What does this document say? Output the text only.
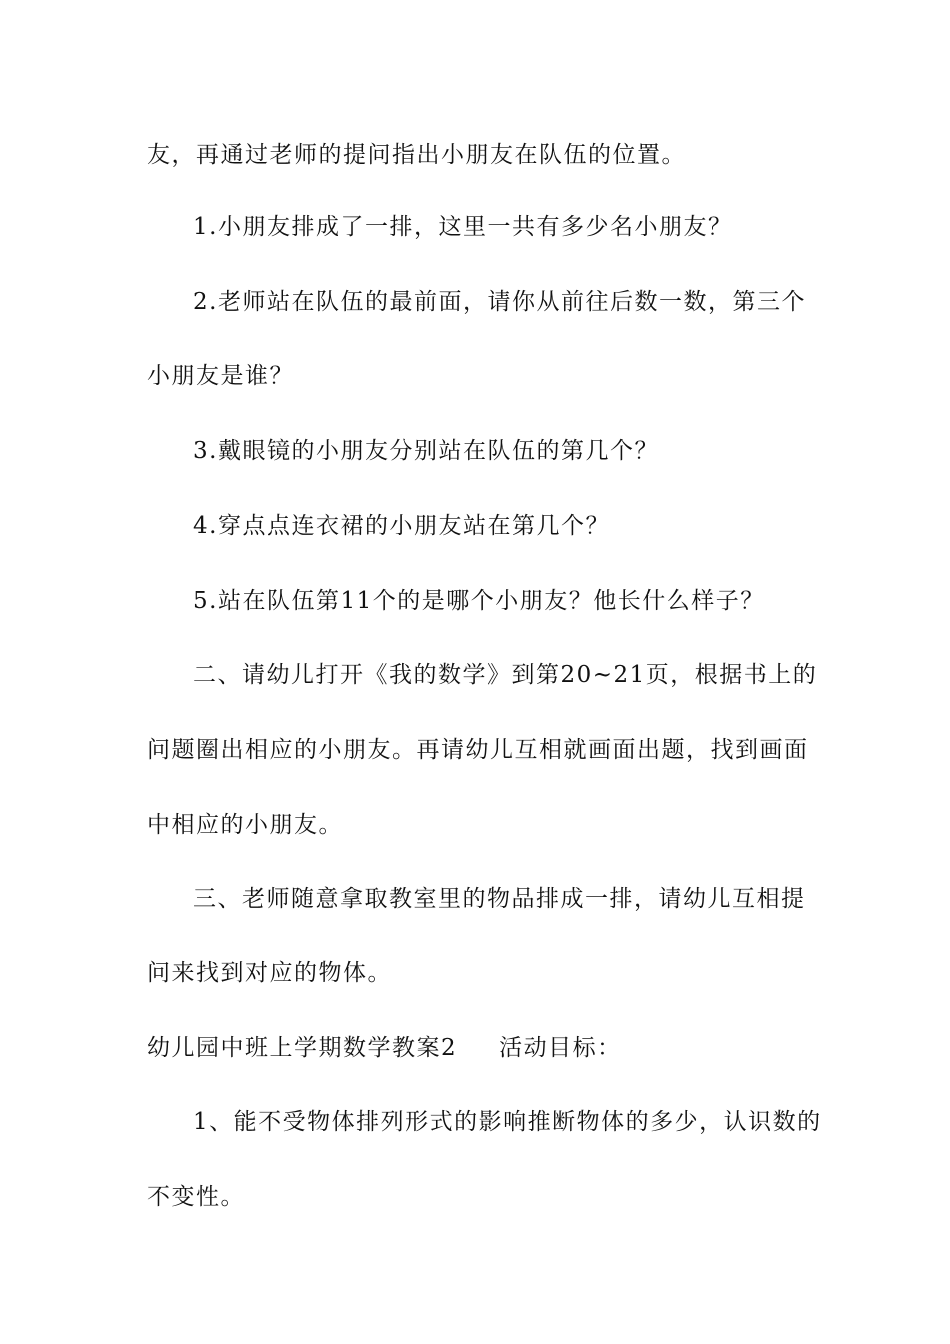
友，再通过老师的提问指出小朋友在队伍的位置。
1.小朋友排成了一排，这里一共有多少名小朋友？
2.老师站在队伍的最前面，请你从前往后数一数，第三个
小朋友是谁？
3.戴眼镜的小朋友分别站在队伍的第几个？
4.穿点点连衣裙的小朋友站在第几个？
5.站在队伍第11个的是哪个小朋友？他长什么样子？
二、请幼儿打开《我的数学》到第20~21页，根据书上的
问题圈出相应的小朋友。再请幼儿互相就画面出题，找到画面
中相应的小朋友。
三、老师随意拿取教室里的物品排成一排，请幼儿互相提
问来找到对应的物体。
幼儿园中班上学期数学教案2 活动目标：
1、能不受物体排列形式的影响推断物体的多少，认识数的
不变性。
